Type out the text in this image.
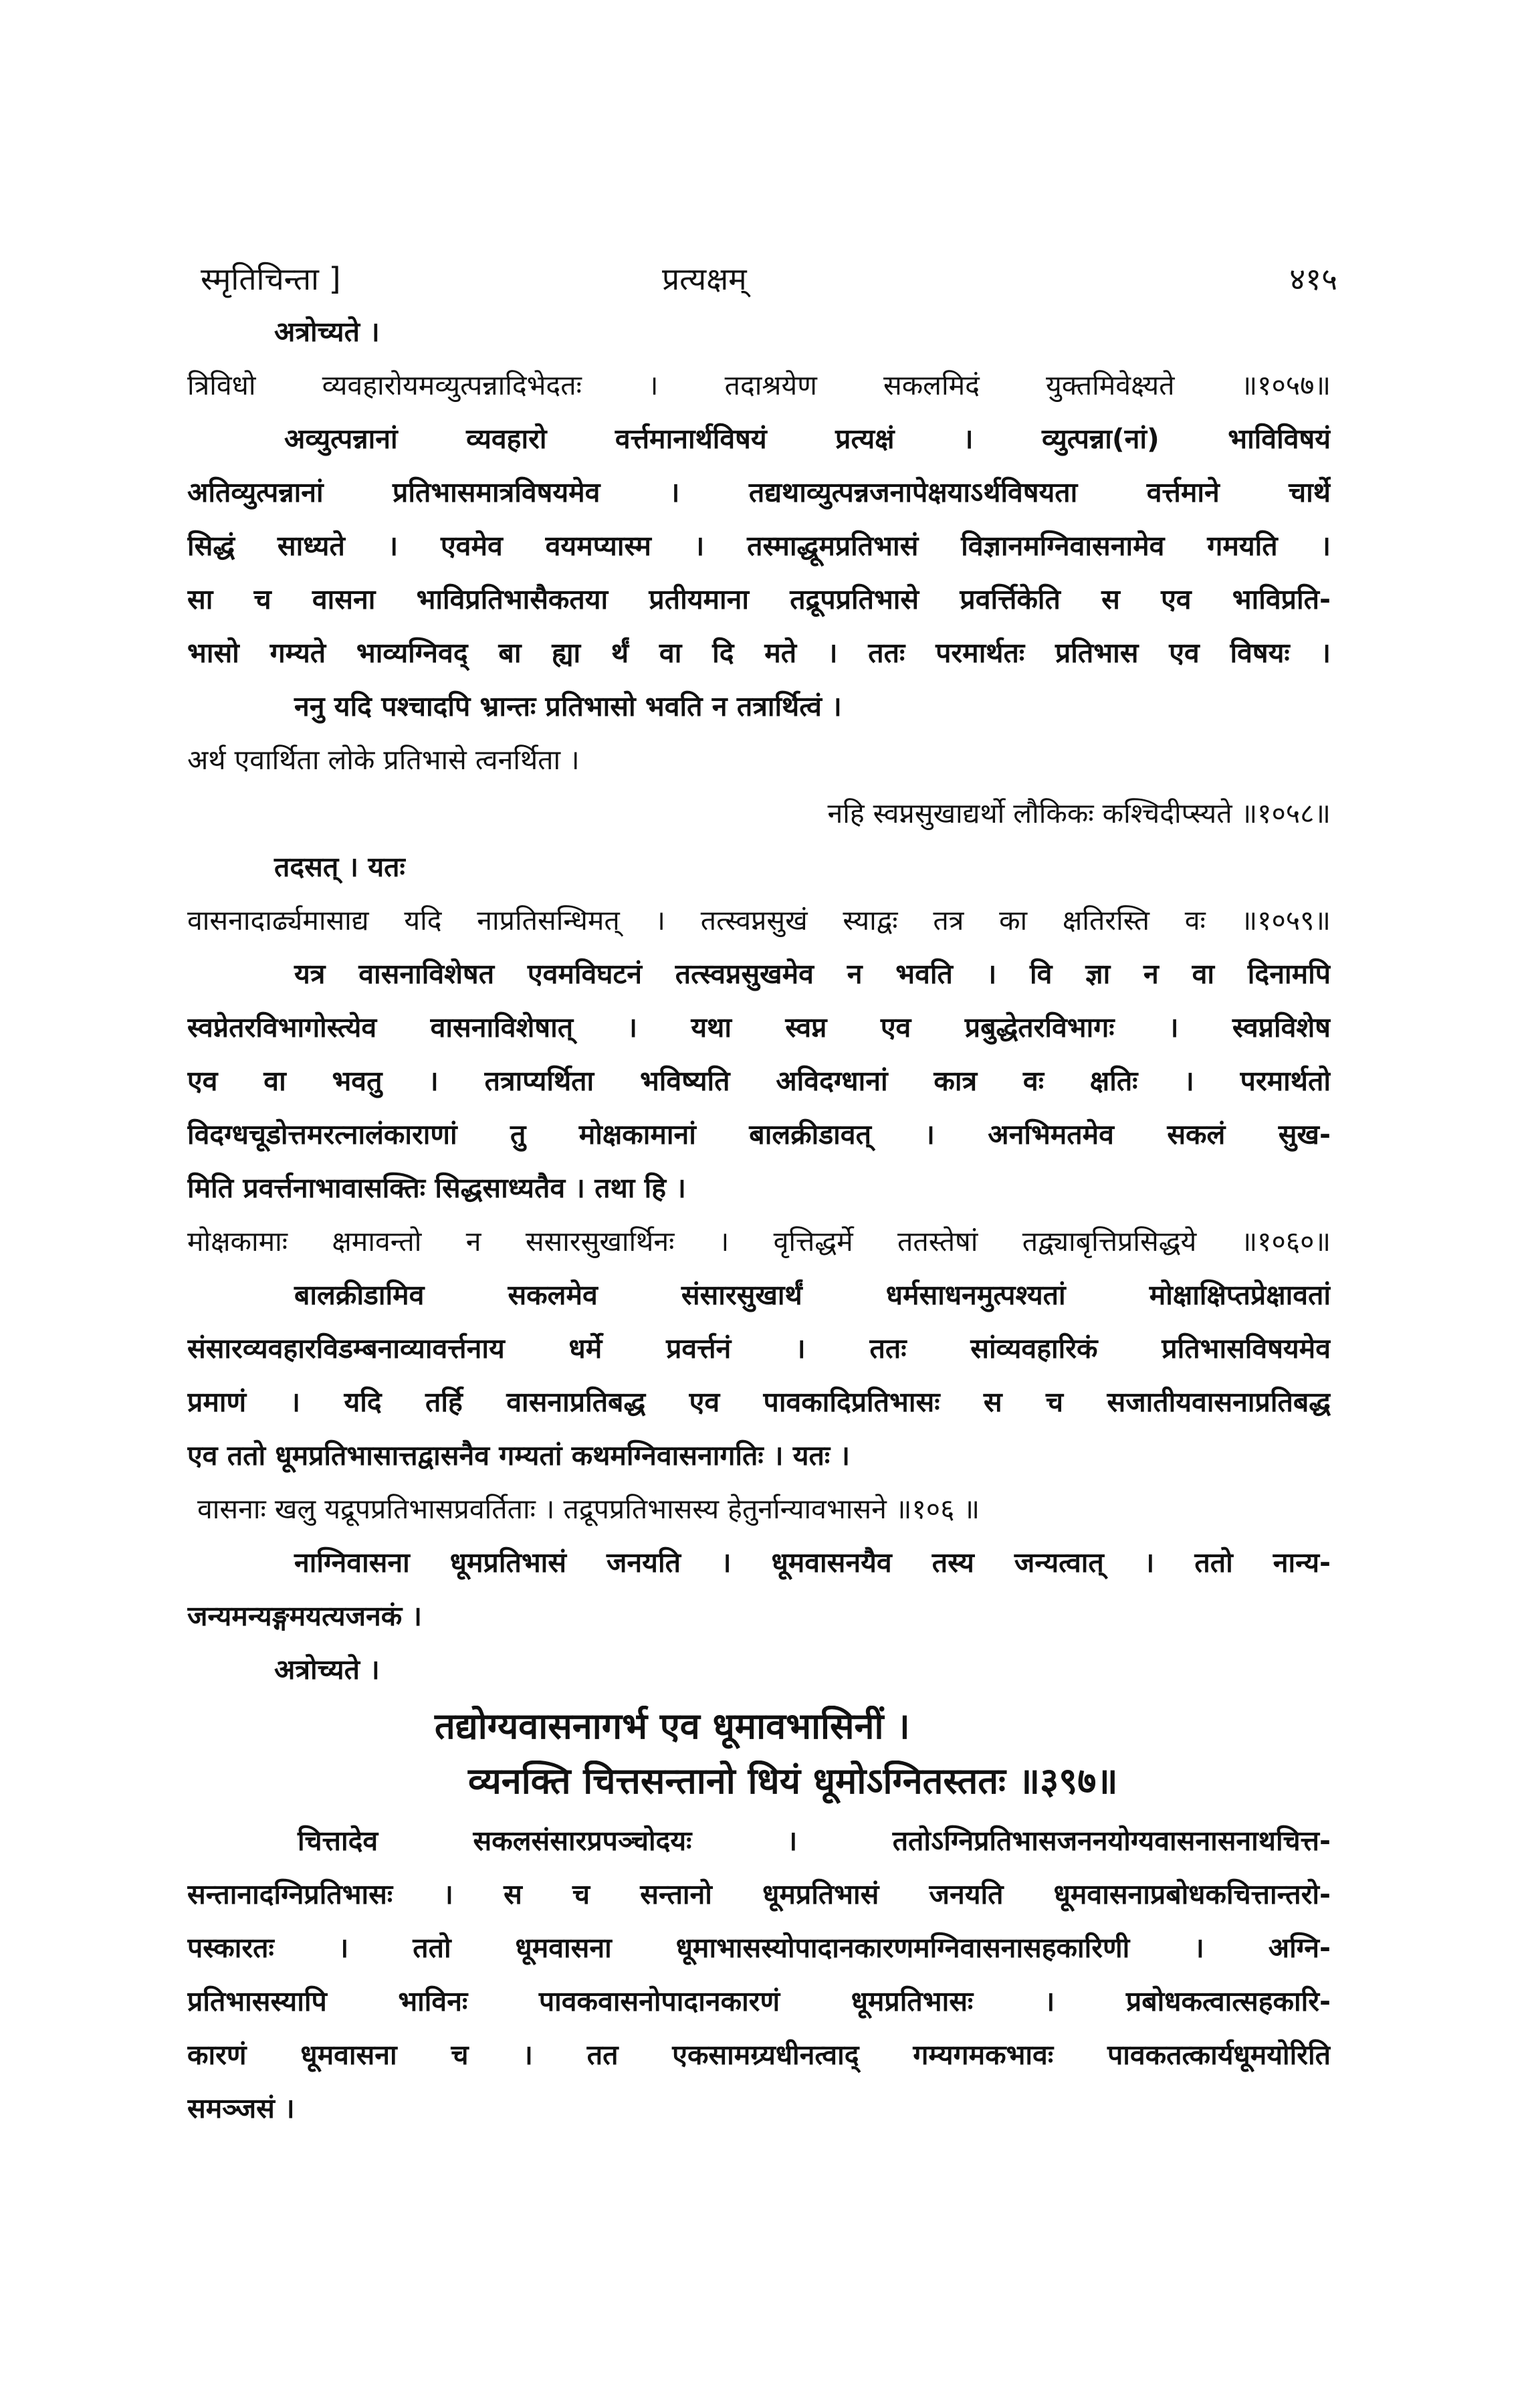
स्मृतिचिन्ता ]	प्रत्यक्षम्	४१५
अत्रोच्यते ।
त्रिविधो व्यवहारोयमव्युत्पन्नादिभेदतः । तदाश्रयेण सकलमिदं युक्तमिवेक्ष्यते ॥१०५७॥
अव्युत्पन्नानां व्यवहारो वर्त्तमानार्थविषयं प्रत्यक्षं । व्युत्पन्ना(नां) भाविविषयं
अतिव्युत्पन्नानां प्रतिभासमात्रविषयमेव । तद्यथाव्युत्पन्नजनापेक्षयाऽर्थविषयता वर्त्तमाने चार्थे
सिद्धं साध्यते । एवमेव वयमप्यास्म । तस्माद्धूमप्रतिभासं विज्ञानमग्निवासनामेव गमयति ।
सा च वासना भाविप्रतिभासैकतया प्रतीयमाना तद्रूपप्रतिभासे प्रवर्त्तिकेति स एव भाविप्रति-
भासो गम्यते भाव्यग्निवद् बा ह्या र्थं वा दि मते । ततः परमार्थतः प्रतिभास एव विषयः ।
ननु यदि पश्चादपि भ्रान्तः प्रतिभासो भवति न तत्रार्थित्वं ।
अर्थ एवार्थिता लोके प्रतिभासे त्वनर्थिता ।
नहि स्वप्नसुखाद्यर्थो लौकिकः कश्चिदीप्स्यते ॥१०५८॥
तदसत् । यतः
वासनादार्ढ्यमासाद्य यदि नाप्रतिसन्धिमत् । तत्स्वप्नसुखं स्याद्वः तत्र का क्षतिरस्ति वः ॥१०५९॥
यत्र वासनाविशेषत एवमविघटनं तत्स्वप्नसुखमेव न भवति । वि ज्ञा न वा दिनामपि
स्वप्नेतरविभागोस्त्येव वासनाविशेषात् । यथा स्वप्न एव प्रबुद्धेतरविभागः । स्वप्नविशेष
एव वा भवतु । तत्राप्यर्थिता भविष्यति अविदग्धानां कात्र वः क्षतिः । परमार्थतो
विदग्धचूडोत्तमरत्नालंकाराणां तु मोक्षकामानां बालक्रीडावत् । अनभिमतमेव सकलं सुख-
मिति प्रवर्त्तनाभावासक्तिः सिद्धसाध्यतैव । तथा हि ।
मोक्षकामाः क्षमावन्तो न ससारसुखार्थिनः । वृत्तिद्धर्मे ततस्तेषां तद्व्याबृत्तिप्रसिद्धये ॥१०६०॥
बालक्रीडामिव सकलमेव संसारसुखार्थं धर्मसाधनमुत्पश्यतां मोक्षाक्षिप्तप्रेक्षावतां
संसारव्यवहारविडम्बनाव्यावर्त्तनाय धर्मे प्रवर्त्तनं । ततः सांव्यवहारिकं प्रतिभासविषयमेव
प्रमाणं । यदि तर्हि वासनाप्रतिबद्ध एव पावकादिप्रतिभासः स च सजातीयवासनाप्रतिबद्ध
एव ततो धूमप्रतिभासात्तद्वासनैव गम्यतां कथमग्निवासनागतिः । यतः ।
वासनाः खलु यद्रूपप्रतिभासप्रवर्तिताः । तद्रूपप्रतिभासस्य हेतुर्नान्यावभासने ॥१०६ ॥
नाग्निवासना धूमप्रतिभासं जनयति । धूमवासनयैव तस्य जन्यत्वात् । ततो नान्य-
जन्यमन्यङ्गमयत्यजनकं ।
अत्रोच्यते ।
तद्योग्यवासनागर्भ एव धूमावभासिनीं ।
व्यनक्ति चित्तसन्तानो धियं धूमोऽग्नितस्ततः ॥३९७॥
चित्तादेव सकलसंसारप्रपञ्चोदयः । ततोऽग्निप्रतिभासजननयोग्यवासनासनाथचित्त-
सन्तानादग्निप्रतिभासः । स च सन्तानो धूमप्रतिभासं जनयति धूमवासनाप्रबोधकचित्तान्तरो-
पस्कारतः । ततो धूमवासना धूमाभासस्योपादानकारणमग्निवासनासहकारिणी । अग्नि-
प्रतिभासस्यापि भाविनः पावकवासनोपादानकारणं धूमप्रतिभासः । प्रबोधकत्वात्सहकारि-
कारणं धूमवासना च । तत एकसामग्र्यधीनत्वाद् गम्यगमकभावः पावकतत्कार्यधूमयोरिति
समञ्जसं ।
